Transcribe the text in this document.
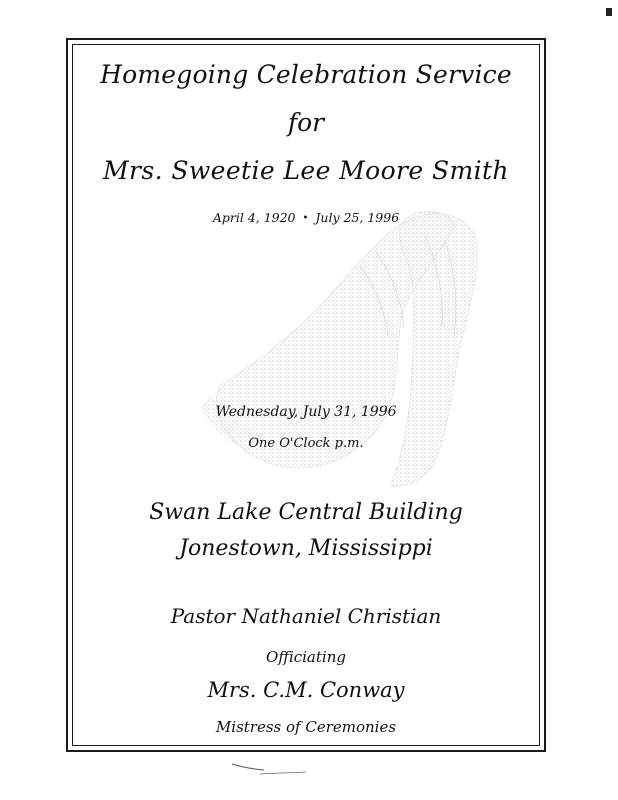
Homegoing Celebration Service
for
Mrs. Sweetie Lee Moore Smith
April 4, 1920 • July 25, 1996
Wednesday, July 31, 1996
One O'Clock p.m.
Swan Lake Central Building
Jonestown, Mississippi
Pastor Nathaniel Christian
Officiating
Mrs. C.M. Conway
Mistress of Ceremonies
